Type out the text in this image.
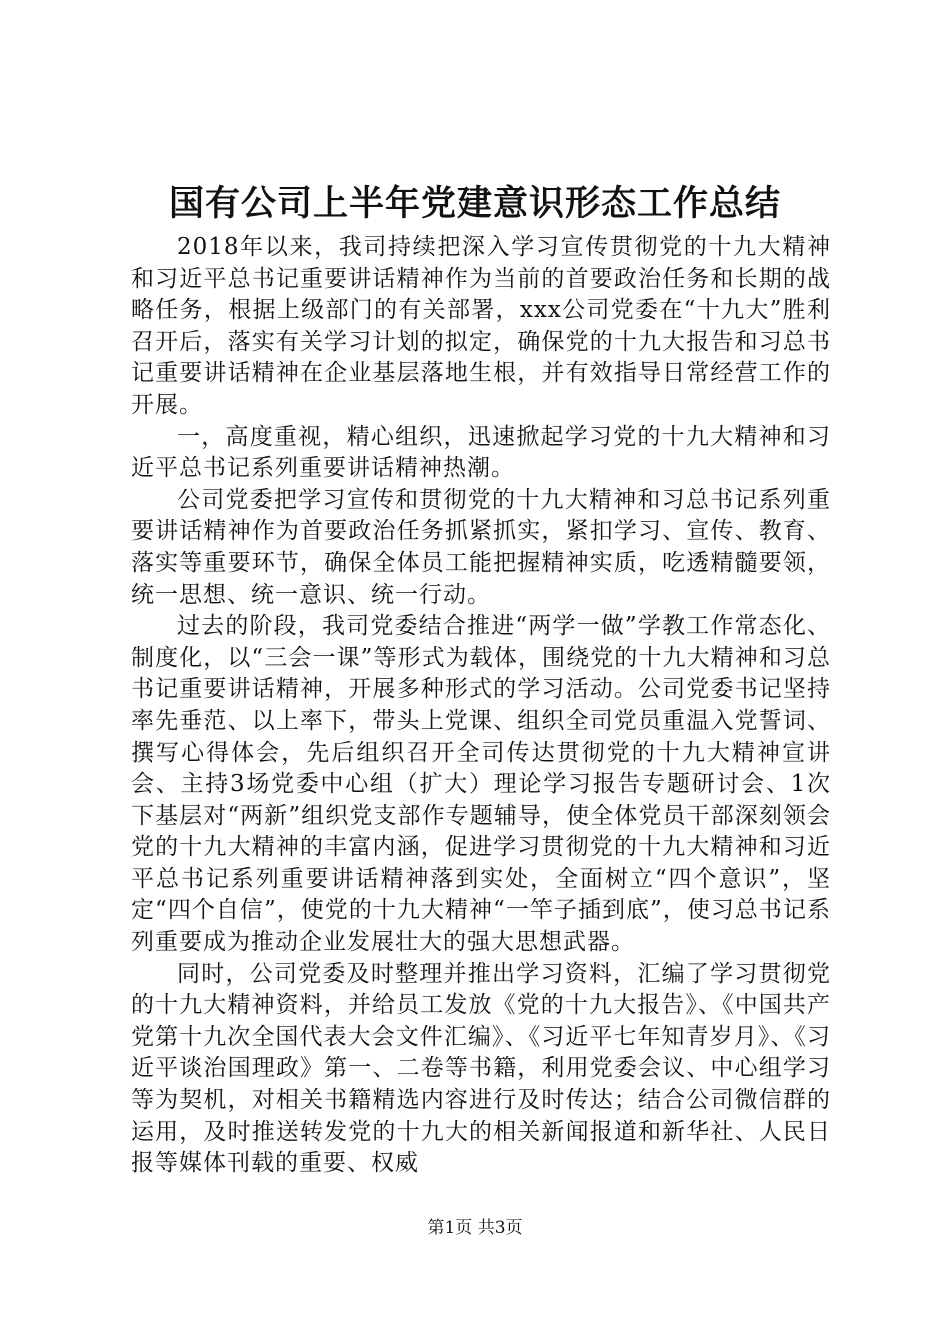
国有公司上半年党建意识形态工作总结

2018年以来，我司持续把深入学习宣传贯彻党的十九大精神和习近平总书记重要讲话精神作为当前的首要政治任务和长期的战略任务，根据上级部门的有关部署，xxx公司党委在“十九大”胜利召开后，落实有关学习计划的拟定，确保党的十九大报告和习总书记重要讲话精神在企业基层落地生根，并有效指导日常经营工作的开展。

一，高度重视，精心组织，迅速掀起学习党的十九大精神和习近平总书记系列重要讲话精神热潮。

公司党委把学习宣传和贯彻党的十九大精神和习总书记系列重要讲话精神作为首要政治任务抓紧抓实，紧扣学习、宣传、教育、落实等重要环节，确保全体员工能把握精神实质，吃透精髓要领，统一思想、统一意识、统一行动。

过去的阶段，我司党委结合推进“两学一做”学教工作常态化、制度化，以“三会一课”等形式为载体，围绕党的十九大精神和习总书记重要讲话精神，开展多种形式的学习活动。公司党委书记坚持率先垂范、以上率下，带头上党课、组织全司党员重温入党誓词、撰写心得体会，先后组织召开全司传达贯彻党的十九大精神宣讲会、主持3场党委中心组（扩大）理论学习报告专题研讨会、1次下基层对“两新”组织党支部作专题辅导，使全体党员干部深刻领会党的十九大精神的丰富内涵，促进学习贯彻党的十九大精神和习近平总书记系列重要讲话精神落到实处，全面树立“四个意识”，坚定“四个自信”，使党的十九大精神“一竿子插到底”，使习总书记系列重要成为推动企业发展壮大的强大思想武器。

同时，公司党委及时整理并推出学习资料，汇编了学习贯彻党的十九大精神资料，并给员工发放《党的十九大报告》、《中国共产党第十九次全国代表大会文件汇编》、《习近平七年知青岁月》、《习近平谈治国理政》第一、二卷等书籍，利用党委会议、中心组学习等为契机，对相关书籍精选内容进行及时传达；结合公司微信群的运用，及时推送转发党的十九大的相关新闻报道和新华社、人民日报等媒体刊载的重要、权威

第1页 共3页
